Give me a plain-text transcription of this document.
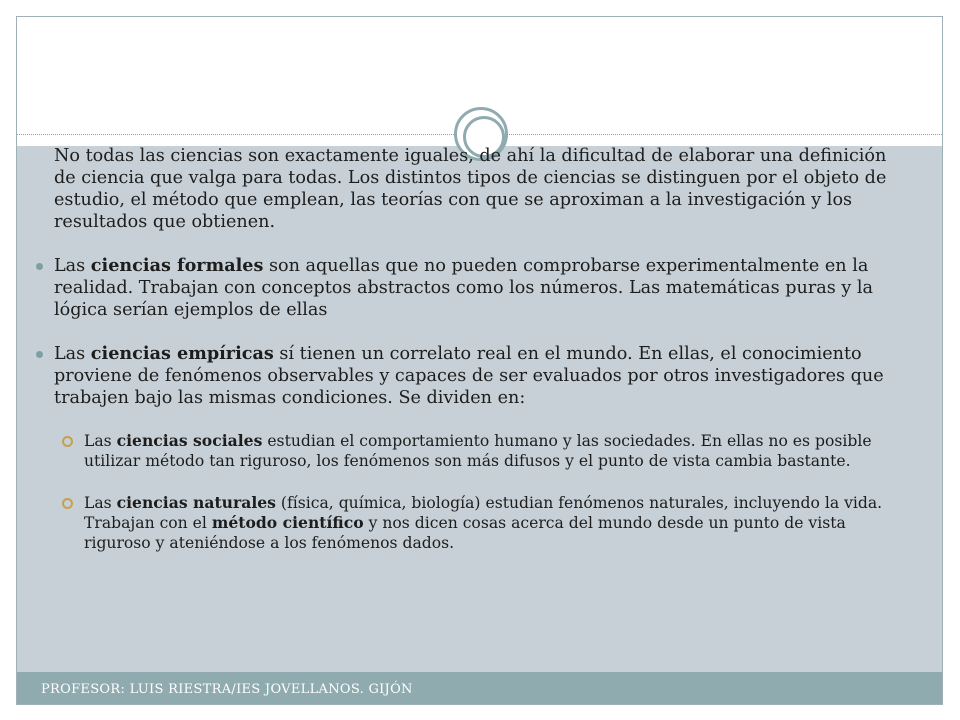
PROFESOR: LUIS RIESTRA/IES JOVELLANOS. GIJÓN

No todas las ciencias son exactamente iguales, de ahí la dificultad de elaborar una definición de ciencia que valga para todas. Los distintos tipos de ciencias se distinguen por el objeto de estudio, el método que emplean, las teorías con que se aproximan a la investigación y los resultados que obtienen.

Las ciencias formales son aquellas que no pueden comprobarse experimentalmente en la realidad. Trabajan con conceptos abstractos como los números. Las matemáticas puras y la lógica serían ejemplos de ellas
Las ciencias empíricas sí tienen un correlato real en el mundo. En ellas, el conocimiento proviene de fenómenos observables y capaces de ser evaluados por otros investigadores que trabajen bajo las mismas condiciones. Se dividen en:
Las ciencias sociales estudian el comportamiento humano y las sociedades. En ellas no es posible utilizar método tan riguroso, los fenómenos son más difusos y el punto de vista cambia bastante.
Las ciencias naturales (física, química, biología) estudian fenómenos naturales, incluyendo la vida. Trabajan con el método científico y nos dicen cosas acerca del mundo desde un punto de vista riguroso y ateniéndose a los fenómenos dados.
